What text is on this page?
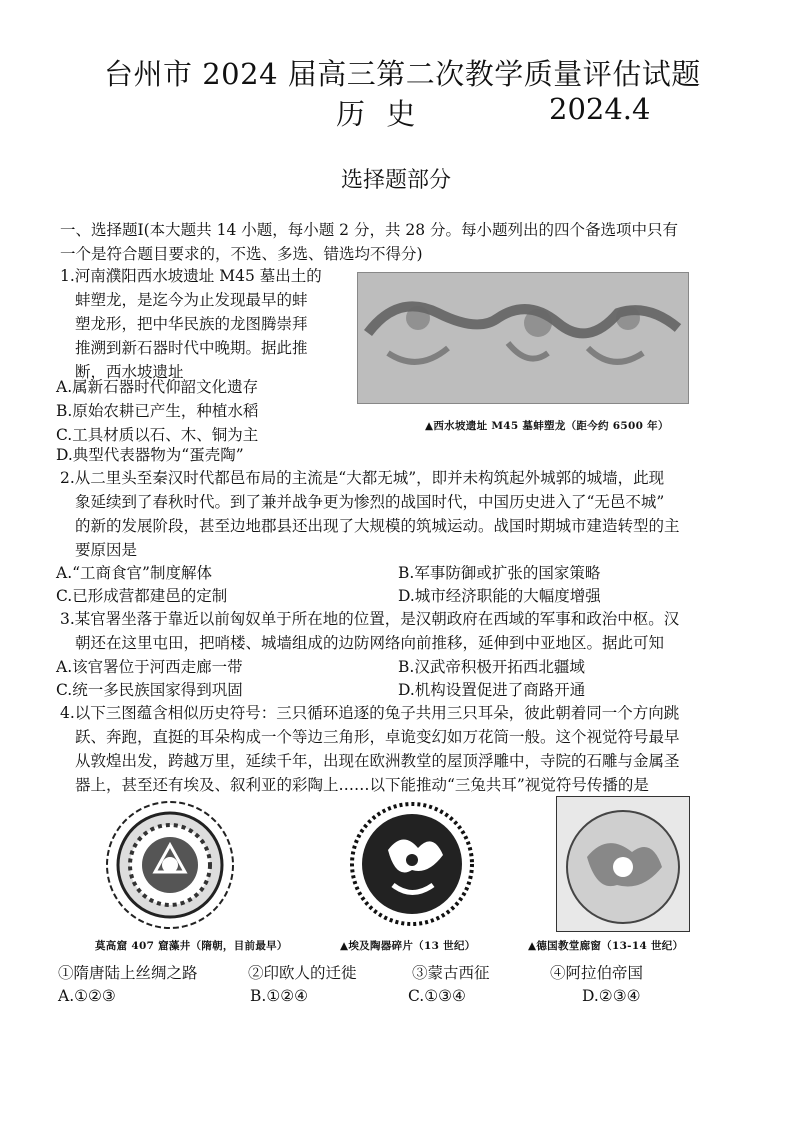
台州市 2024 届高三第二次教学质量评估试题
历 史	2024.4
选择题部分
一、选择题Ⅰ(本大题共 14 小题，每小题 2 分，共 28 分。每小题列出的四个备选项中只有
一个是符合题目要求的，不选、多选、错选均不得分)
1.河南濮阳西水坡遗址 M45 墓出土的
蚌塑龙，是迄今为止发现最早的蚌
塑龙形，把中华民族的龙图腾崇拜
推溯到新石器时代中晚期。据此推
断，西水坡遗址
A.属新石器时代仰韶文化遗存
B.原始农耕已产生，种植水稻
C.工具材质以石、木、铜为主
D.典型代表器物为“蛋壳陶”
▲西水坡遗址 M45 墓蚌塑龙（距今约 6500 年）
2.从二里头至秦汉时代都邑布局的主流是“大都无城”，即并未构筑起外城郭的城墙，此现
象延续到了春秋时代。到了兼并战争更为惨烈的战国时代，中国历史进入了“无邑不城”
的新的发展阶段，甚至边地郡县还出现了大规模的筑城运动。战国时期城市建造转型的主
要原因是
A.“工商食官”制度解体	B.军事防御或扩张的国家策略
C.已形成营都建邑的定制	D.城市经济职能的大幅度增强
3.某官署坐落于靠近以前匈奴单于所在地的位置，是汉朝政府在西域的军事和政治中枢。汉
朝还在这里屯田，把哨楼、城墙组成的边防网络向前推移，延伸到中亚地区。据此可知
A.该官署位于河西走廊一带	B.汉武帝积极开拓西北疆域
C.统一多民族国家得到巩固	D.机构设置促进了商路开通
4.以下三图蕴含相似历史符号：三只循环追逐的兔子共用三只耳朵，彼此朝着同一个方向跳
跃、奔跑，直挺的耳朵构成一个等边三角形，卓诡变幻如万花筒一般。这个视觉符号最早
从敦煌出发，跨越万里，延续千年，出现在欧洲教堂的屋顶浮雕中，寺院的石雕与金属圣
器上，甚至还有埃及、叙利亚的彩陶上……以下能推动“三兔共耳”视觉符号传播的是
莫高窟 407 窟藻井（隋朝，目前最早）	▲埃及陶器碎片（13 世纪）	▲德国教堂廊窗（13-14 世纪）
①隋唐陆上丝绸之路	②印欧人的迁徙	③蒙古西征	④阿拉伯帝国
A.①②③	B.①②④	C.①③④	D.②③④
